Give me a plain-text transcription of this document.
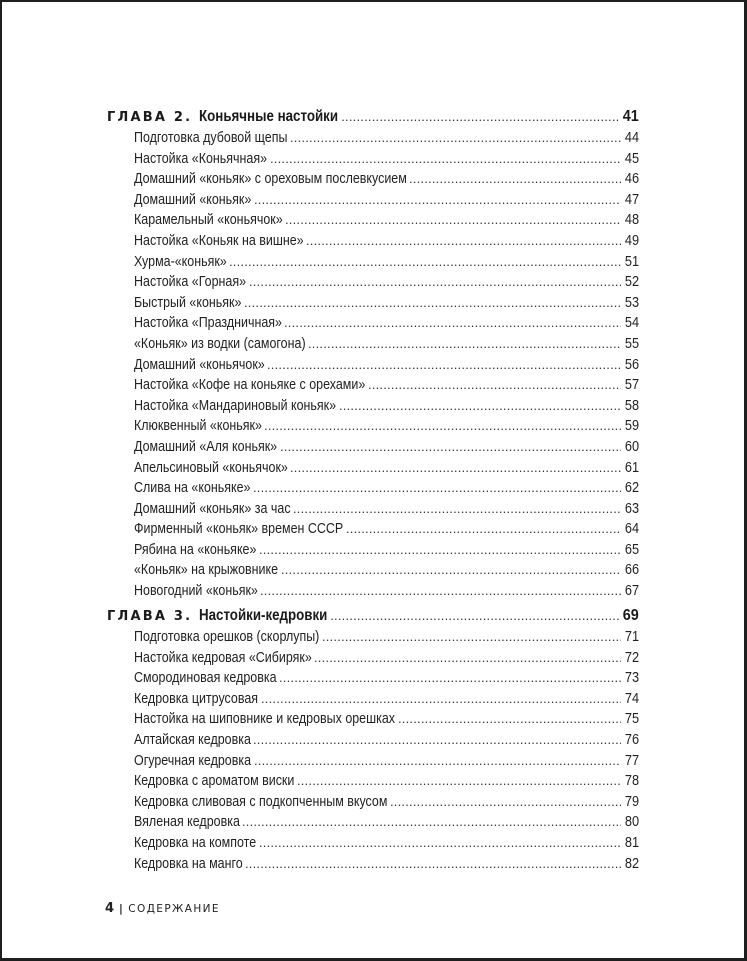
ГЛАВА 2. Коньячные настойки .....	41
Подготовка дубовой щепы .....	44
Настойка «Коньячная» .....	45
Домашний «коньяк» с ореховым послевкусием .....	46
Домашний «коньяк» .....	47
Карамельный «коньячок» .....	48
Настойка «Коньяк на вишне» .....	49
Хурма-«коньяк» .....	51
Настойка «Горная» .....	52
Быстрый «коньяк» .....	53
Настойка «Праздничная» .....	54
«Коньяк» из водки (самогона) .....	55
Домашний «коньячок» .....	56
Настойка «Кофе на коньяке с орехами» .....	57
Настойка «Мандариновый коньяк» .....	58
Клюквенный «коньяк» .....	59
Домашний «Аля коньяк» .....	60
Апельсиновый «коньячок» .....	61
Слива на «коньяке» .....	62
Домашний «коньяк» за час .....	63
Фирменный «коньяк» времен СССР .....	64
Рябина на «коньяке» .....	65
«Коньяк» на крыжовнике .....	66
Новогодний «коньяк» .....	67
ГЛАВА 3. Настойки-кедровки .....	69
Подготовка орешков (скорлупы) .....	71
Настойка кедровая «Сибиряк» .....	72
Смородиновая кедровка .....	73
Кедровка цитрусовая .....	74
Настойка на шиповнике и кедровых орешках .....	75
Алтайская кедровка .....	76
Огуречная кедровка .....	77
Кедровка с ароматом виски .....	78
Кедровка сливовая с подкопченным вкусом .....	79
Вяленая кедровка .....	80
Кедровка на компоте .....	81
Кедровка на манго .....	82
4 | СОДЕРЖАНИЕ
